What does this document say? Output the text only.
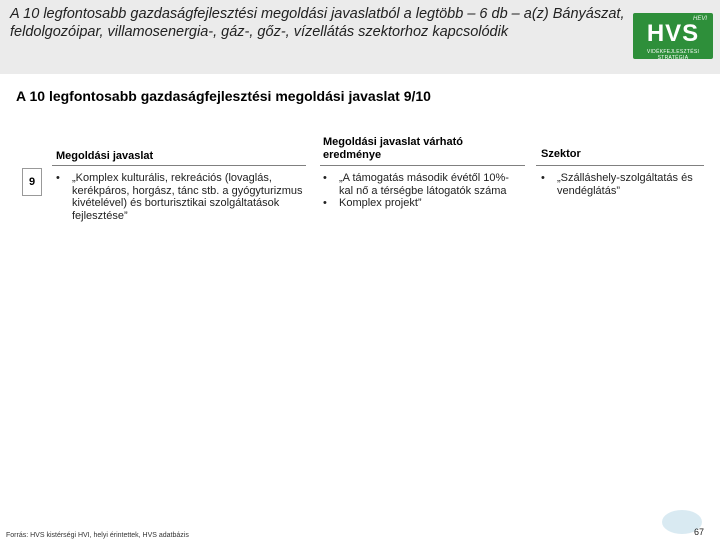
A 10 legfontosabb gazdaságfejlesztési megoldási javaslatból a legtöbb – 6 db – a(z) Bányászat, feldolgozóipar, villamosenergia-, gáz-, gőz-, vízellátás szektorhoz kapcsolódik
HEVI
HVS
VIDÉKFEJLESZTÉSI STRATÉGIA
A 10 legfontosabb gazdaságfejlesztési megoldási javaslat 9/10
Megoldási javaslat
Megoldási javaslat várható eredménye	Szektor
9
•	„Komplex kulturális, rekreációs (lovaglás, kerékpáros, horgász, tánc stb. a gyógyturizmus kivételével) és borturisztikai szolgáltatások fejlesztése”
• „A támogatás második évétől 10%-kal nő a térségbe látogatók száma
• Komplex projekt”
• „Szálláshely-szolgáltatás és vendéglátás”
Forrás: HVS kistérségi HVI, helyi érintettek, HVS adatbázis	67
